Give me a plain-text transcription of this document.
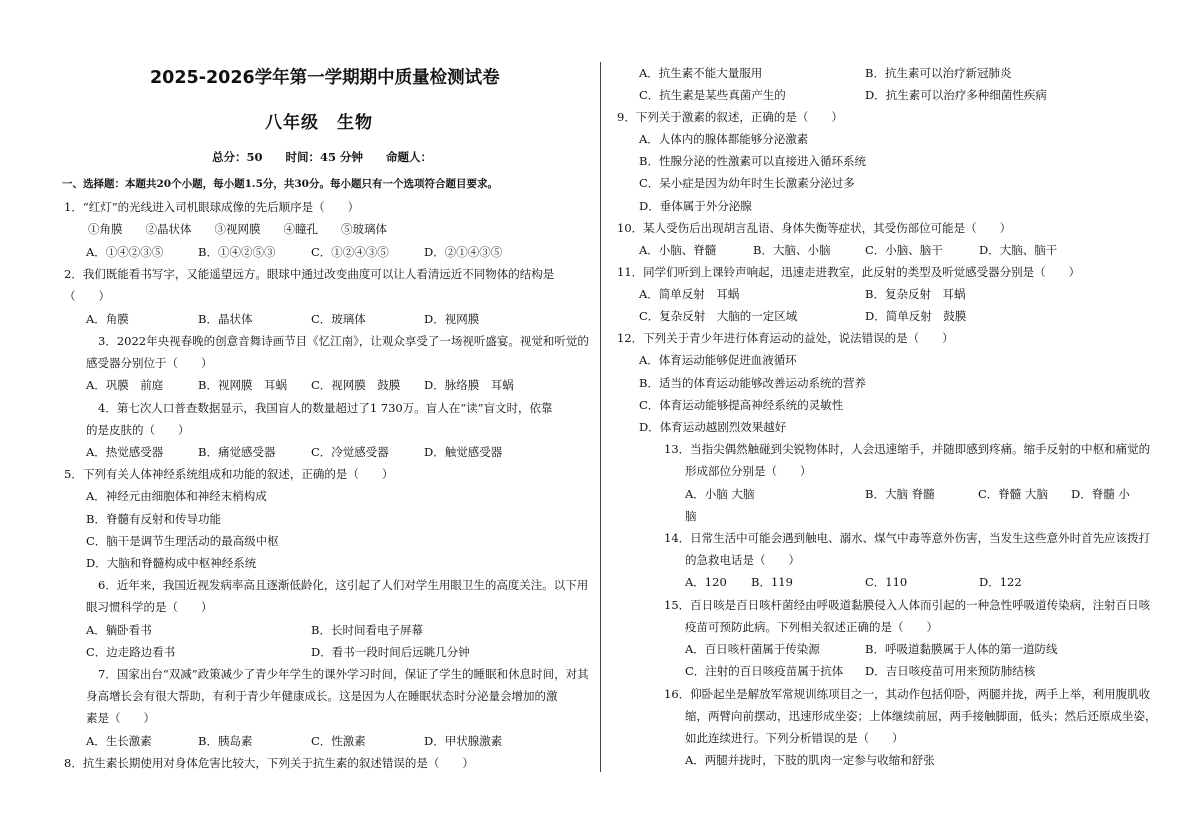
2025-2026学年第一学期期中质量检测试卷
八年级　生物
总分：50　　时间：45 分钟　　命题人：
一、选择题：本题共20个小题，每小题1.5分，共30分。每小题只有一个选项符合题目要求。
1．“红灯”的光线进入司机眼球成像的先后顺序是（　　）
①角膜　　②晶状体　　③视网膜　　④瞳孔　　⑤玻璃体
A．①④②③⑤	B．①④②⑤③	C．①②④③⑤	D．②①④③⑤
2．我们既能看书写字，又能遥望远方。眼球中通过改变曲度可以让人看清远近不同物体的结构是
（　　）
A．角膜	B．晶状体	C．玻璃体	D．视网膜
3．2022年央视春晚的创意音舞诗画节目《忆江南》，让观众享受了一场视听盛宴。视觉和听觉的
感受器分别位于（　　）
A．巩膜　前庭	B．视网膜　耳蜗 C．视网膜　鼓膜 D．脉络膜　耳蜗
4．第七次人口普查数据显示，我国盲人的数量超过了1 730万。盲人在“读”盲文时，依靠
的是皮肤的（　　）
A．热觉感受器	B．痛觉感受器	C．冷觉感受器	D．触觉感受器
5．下列有关人体神经系统组成和功能的叙述，正确的是（　　）
A．神经元由细胞体和神经末梢构成
B．脊髓有反射和传导功能
C．脑干是调节生理活动的最高级中枢
D．大脑和脊髓构成中枢神经系统
6．近年来，我国近视发病率高且逐渐低龄化，这引起了人们对学生用眼卫生的高度关注。以下用
眼习惯科学的是（　　）
A．躺卧看书	B．长时间看电子屏幕
C．边走路边看书	D．看书一段时间后远眺几分钟
7．国家出台“双减”政策减少了青少年学生的课外学习时间，保证了学生的睡眠和休息时间，对其
身高增长会有很大帮助，有利于青少年健康成长。这是因为人在睡眠状态时分泌量会增加的激
素是（　　）
A．生长激素	B．胰岛素	C．性激素	D．甲状腺激素
8．抗生素长期使用对身体危害比较大，下列关于抗生素的叙述错误的是（　　）
A．抗生素不能大量服用	B．抗生素可以治疗新冠肺炎
C．抗生素是某些真菌产生的	D．抗生素可以治疗多种细菌性疾病
9．下列关于激素的叙述，正确的是（　　）
A．人体内的腺体都能够分泌激素
B．性腺分泌的性激素可以直接进入循环系统
C．呆小症是因为幼年时生长激素分泌过多
D．垂体属于外分泌腺
10．某人受伤后出现胡言乱语、身体失衡等症状，其受伤部位可能是（　　）
A．小脑、脊髓	B．大脑、小脑	C．小脑、脑干	D．大脑、脑干
11．同学们听到上课铃声响起，迅速走进教室，此反射的类型及听觉感受器分别是（　　）
A．简单反射　耳蜗	B．复杂反射　耳蜗
C．复杂反射　大脑的一定区域	D．简单反射　鼓膜
12．下列关于青少年进行体育运动的益处，说法错误的是（　　）
A．体育运动能够促进血液循环
B．适当的体育运动能够改善运动系统的营养
C．体育运动能够提高神经系统的灵敏性
D．体育运动越剧烈效果越好
13．当指尖偶然触碰到尖锐物体时，人会迅速缩手，并随即感到疼痛。缩手反射的中枢和痛觉的
形成部位分别是（　　）
A．小脑 大脑	B．大脑 脊髓	C．脊髓 大脑 D．脊髓 小
脑
14．日常生活中可能会遇到触电、溺水、煤气中毒等意外伤害，当发生这些意外时首先应该拨打
的急救电话是（　　）
A．120 B．119	C．110	D．122
15．百日咳是百日咳杆菌经由呼吸道黏膜侵入人体而引起的一种急性呼吸道传染病，注射百日咳
疫苗可预防此病。下列相关叙述正确的是（　　）
A．百日咳杆菌属于传染源	B．呼吸道黏膜属于人体的第一道防线
C．注射的百日咳疫苗属于抗体 D．吉日咳疫苗可用来预防肺结核
16．仰卧起坐是解放军常规训练项目之一，其动作包括仰卧，两腿并拢，两手上举，利用腹肌收
缩，两臂向前摆动，迅速形成坐姿；上体继续前屈，两手接触脚面，低头；然后还原成坐姿，
如此连续进行。下列分析错误的是（　　）
A．两腿并拢时，下肢的肌肉一定参与收缩和舒张
